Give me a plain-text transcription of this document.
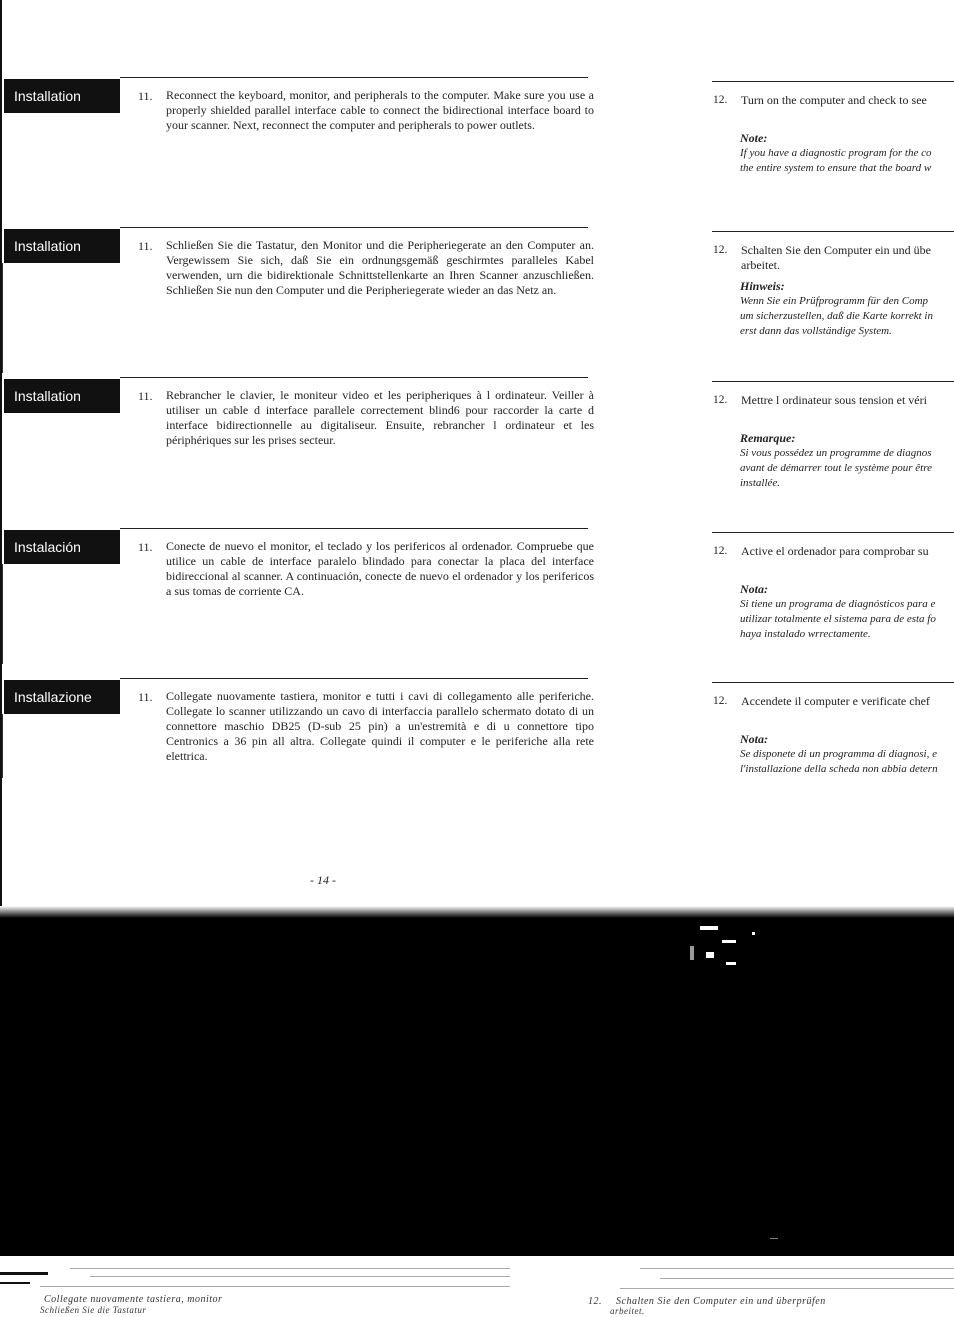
Installation	11. Reconnect the keyboard, monitor, and peripherals to the computer. Make sure you use a properly shielded parallel interface cable to connect the bidirectional interface board to your scanner. Next, reconnect the computer and peripherals to power outlets.

12. Turn on the computer and check to see

Note:

If you have a diagnostic program for the co
the entire system to ensure that the board w

Installation	11. Schließen Sie die Tastatur, den Monitor und die Peripheriegerate an den Computer an. Vergewissem Sie sich, daß Sie ein ordnungsgemäß geschirmtes paralleles Kabel verwenden, urn die bidirektionale Schnittstellenkarte an Ihren Scanner anzuschließen. Schließen Sie nun den Computer und die Peripheriegerate wieder an das Netz an.

12. Schalten Sie den Computer ein und übe
arbeitet.

Hinweis:

Wenn Sie ein Prüfprogramm für den Comp
um sicherzustellen, daß die Karte korrekt in
erst dann das vollständige System.

Installation	11. Rebrancher le clavier, le moniteur video et les peripheriques à l ordinateur. Veiller à utiliser un cable d interface parallele correctement blind6 pour raccorder la carte d interface bidirectionnelle au digitaliseur. Ensuite, rebrancher l ordinateur et les périphériques sur les prises secteur.

12. Mettre l ordinateur sous tension et véri

Remarque:

Si vous possédez un programme de diagnos
avant de démarrer tout le système pour être
installée.

Instalación	11. Conecte de nuevo el monitor, el teclado y los perifericos al ordenador. Compruebe que utilice un cable de interface paralelo blindado para conectar la placa del interface bidireccional al scanner. A continuación, conecte de nuevo el ordenador y los perifericos a sus tomas de corriente CA.

12. Active el ordenador para comprobar su

Nota:

Si tiene un programa de diagnósticos para e
utilizar totalmente el sistema para de esta fo
haya instalado wrrectamente.

Installazione	11. Collegate nuovamente tastiera, monitor e tutti i cavi di collegamento alle periferiche. Collegate lo scanner utilizzando un cavo di interfaccia parallelo schermato dotato di un connettore maschio DB25 (D-sub 25 pin) a un'estremità e di u connettore tipo Centronics a 36 pin all altra. Collegate quindi il computer e le periferiche alla rete elettrica.

12. Accendete il computer e verificate chef

Nota:

Se disponete di un programma di diagnosi, e
l'installazione della scheda non abbia detern

- 14 -
Collegate nuovamente tastiera, monitor
Schließen Sie die Tastatur
12.	Schalten Sie den Computer ein und überprüfen
arbeitet.
